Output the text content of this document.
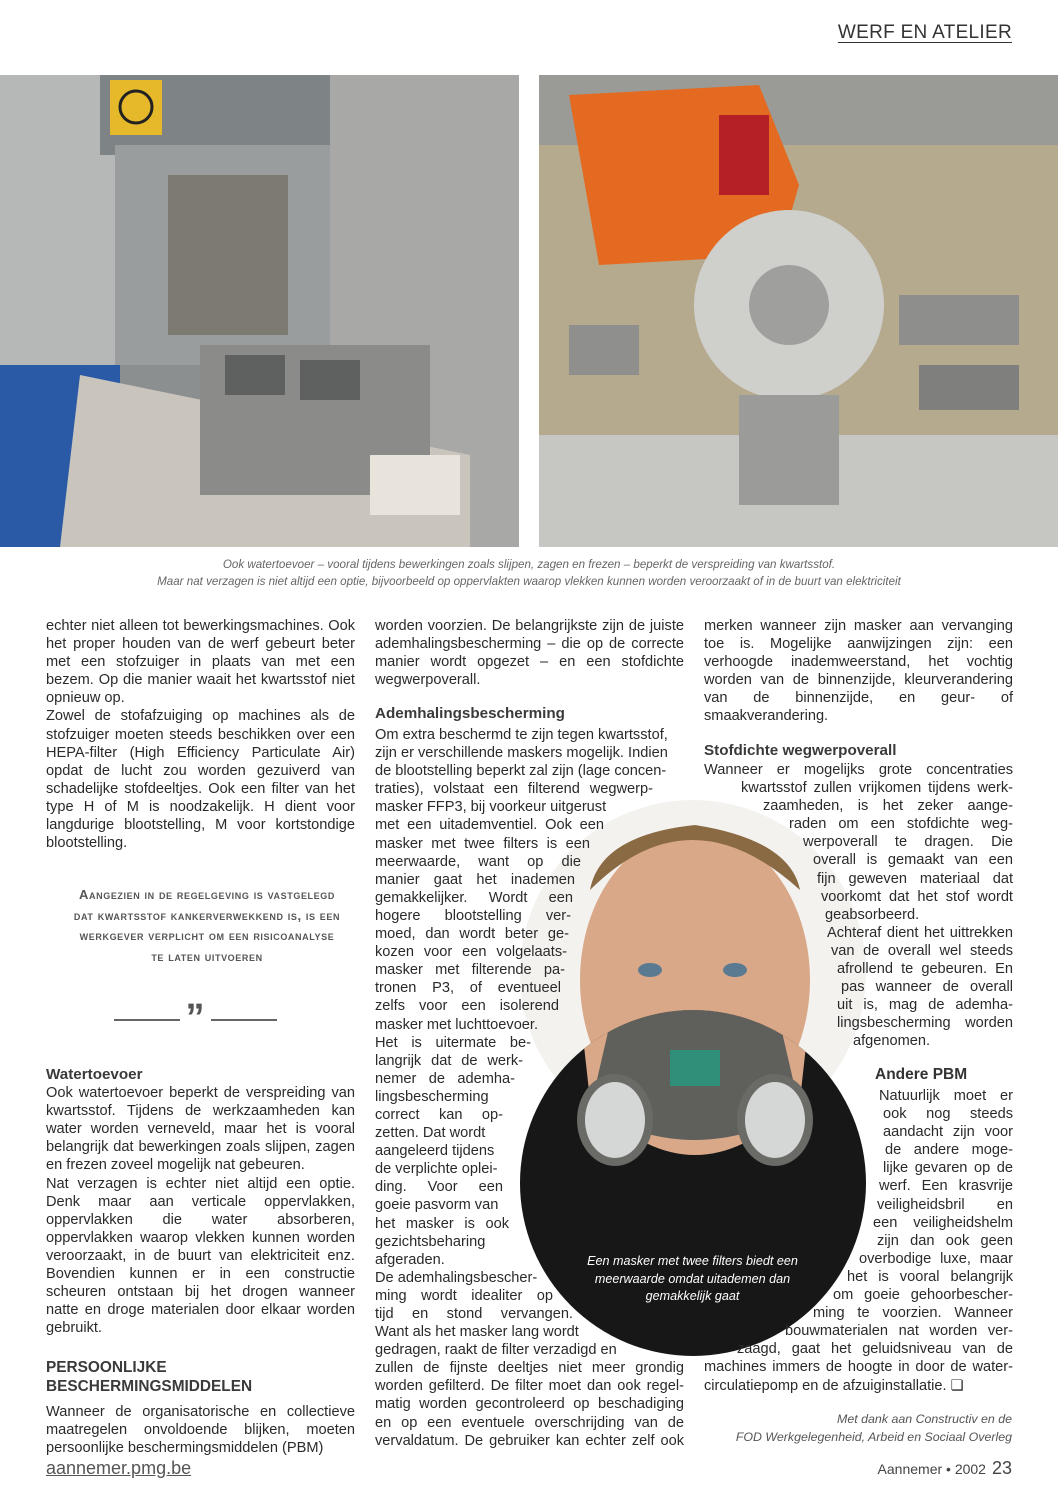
WERF EN ATELIER
Ook watertoevoer – vooral tijdens bewerkingen zoals slijpen, zagen en frezen – beperkt de verspreiding van kwartsstof.
Maar nat verzagen is niet altijd een optie, bijvoorbeeld op oppervlakten waarop vlekken kunnen worden veroorzaakt of in de buurt van elektriciteit

echter niet alleen tot bewerkingsmachines. Ook het proper houden van de werf gebeurt beter met een stofzuiger in plaats van met een bezem. Op die manier waait het kwartsstof niet opnieuw op.

Zowel de stofafzuiging op machines als de stofzuiger moeten steeds beschikken over een HEPA-filter (High Efficiency Particulate Air) opdat de lucht zou worden gezuiverd van schadelijke stofdeeltjes. Ook een filter van het type H of M is noodzakelijk. H dient voor langdurige blootstelling, M voor kortstondige blootstelling.

Aangezien in de regelgeving is vastgelegd dat kwartsstof kankerverwekkend is, is een werkgever verplicht om een risicoanalyse te laten uitvoeren
”
Watertoevoer

Ook watertoevoer beperkt de verspreiding van kwartsstof. Tijdens de werkzaamheden kan water worden verneveld, maar het is vooral belangrijk dat bewerkingen zoals slijpen, zagen en frezen zoveel mogelijk nat gebeuren.

Nat verzagen is echter niet altijd een optie. Denk maar aan verticale oppervlakken, oppervlakken die water absorberen, oppervlakken waarop vlekken kunnen worden veroorzaakt, in de buurt van elektriciteit enz. Bovendien kunnen er in een constructie scheuren ontstaan bij het drogen wanneer natte en droge materialen door elkaar worden gebruikt.

PERSOONLIJKE BESCHERMINGSMIDDELEN

Wanneer de organisatorische en collectieve maatregelen onvoldoende blijken, moeten persoonlijke beschermingsmiddelen (PBM)

Een masker met twee filters biedt een meerwaarde omdat uitademen dan gemakkelijk gaat

worden voorzien. De belangrijkste zijn de juiste ademhalingsbescherming – die op de correcte manier wordt opgezet – en een stofdichte wegwerpoverall.

Ademhalingsbescherming
Om extra beschermd te zijn tegen kwartsstof,
zijn er verschillende maskers mogelijk. Indien
de blootstelling beperkt zal zijn (lage concen-
traties), volstaat een filterend wegwerp-
masker FFP3, bij voorkeur uitgerust
met een uitademventiel. Ook een
masker met twee filters is een
meerwaarde, want op die
manier gaat het inademen
gemakkelijker. Wordt een
hogere blootstelling ver-
moed, dan wordt beter ge-
kozen voor een volgelaats-
masker met filterende pa-
tronen P3, of eventueel
zelfs voor een isolerend
masker met luchttoevoer.
Het is uitermate be-
langrijk dat de werk-
nemer de ademha-
lingsbescherming
correct kan op-
zetten. Dat wordt
aangeleerd tijdens
de verplichte oplei-
ding. Voor een
goeie pasvorm van
het masker is ook
gezichtsbeharing
afgeraden.
De ademhalingsbescher-
ming wordt idealiter op
tijd en stond vervangen.
Want als het masker lang wordt
gedragen, raakt de filter verzadigd en
zullen de fijnste deeltjes niet meer grondig
worden gefilterd. De filter moet dan ook regel-
matig worden gecontroleerd op beschadiging
en op een eventuele overschrijding van de
vervaldatum. De gebruiker kan echter zelf ook

merken wanneer zijn masker aan vervanging toe is. Mogelijke aanwijzingen zijn: een verhoogde inademweerstand, het vochtig worden van de binnenzijde, kleurverandering van de binnenzijde, en geur- of smaakverandering.

Stofdichte wegwerpoverall
Wanneer er mogelijks grote concentraties
kwartsstof zullen vrijkomen tijdens werk-
zaamheden, is het zeker aange-
raden om een stofdichte weg-
werpoverall te dragen. Die
overall is gemaakt van een
fijn geweven materiaal dat
voorkomt dat het stof wordt
geabsorbeerd.
Achteraf dient het uittrekken
van de overall wel steeds
afrollend te gebeuren. En
pas wanneer de overall
uit is, mag de ademha-
lingsbescherming worden
afgenomen.
Andere PBM
Natuurlijk moet er
ook nog steeds
aandacht zijn voor
de andere moge-
lijke gevaren op de
werf. Een krasvrije
veiligheidsbril en
een veiligheidshelm
zijn dan ook geen
overbodige luxe, maar
het is vooral belangrijk
om goeie gehoorbescher-
ming te voorzien. Wanneer
bouwmaterialen nat worden ver-
zaagd, gaat het geluidsniveau van de
machines immers de hoogte in door de water-
circulatiepomp en de afzuiginstallatie. ❏
Met dank aan Constructiv en de
FOD Werkgelegenheid, Arbeid en Sociaal Overleg
aannemer.pmg.be	Aannemer • 2002 23
